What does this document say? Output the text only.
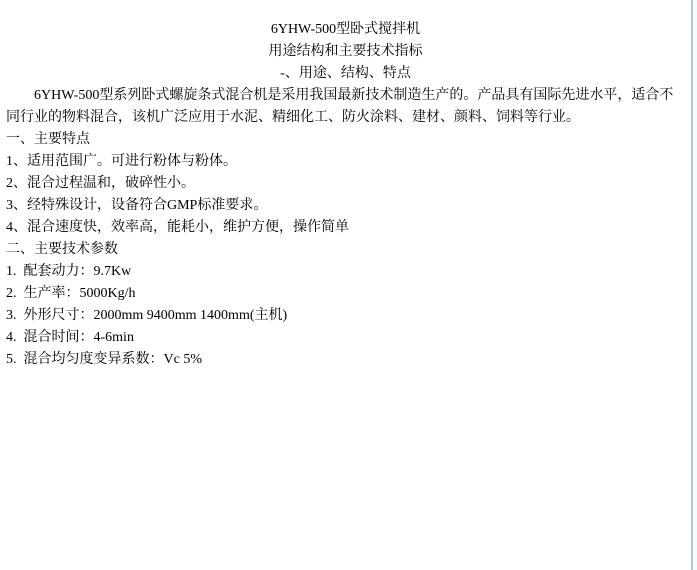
6YHW-500型卧式搅拌机

用途结构和主要技术指标

-、用途、结构、特点

　　6YHW-500型系列卧式螺旋条式混合机是采用我国最新技术制造生产的。产品具有国际先进水平，适合不同行业的物料混合，该机广泛应用于水泥、精细化工、防火涂料、建材、颜料、饲料等行业。

一、主要特点

1、适用范围广。可进行粉体与粉体。

2、混合过程温和，破碎性小。

3、经特殊设计，设备符合GMP标准要求。

4、混合速度快，效率高，能耗小，维护方便，操作简单

二、主要技术参数

1.  配套动力：9.7Kw

2.  生产率：5000Kg/h

3.  外形尺寸：2000mm 9400mm 1400mm(主机)

4.  混合时间：4-6min

5.  混合均匀度变异系数：Vc 5%
